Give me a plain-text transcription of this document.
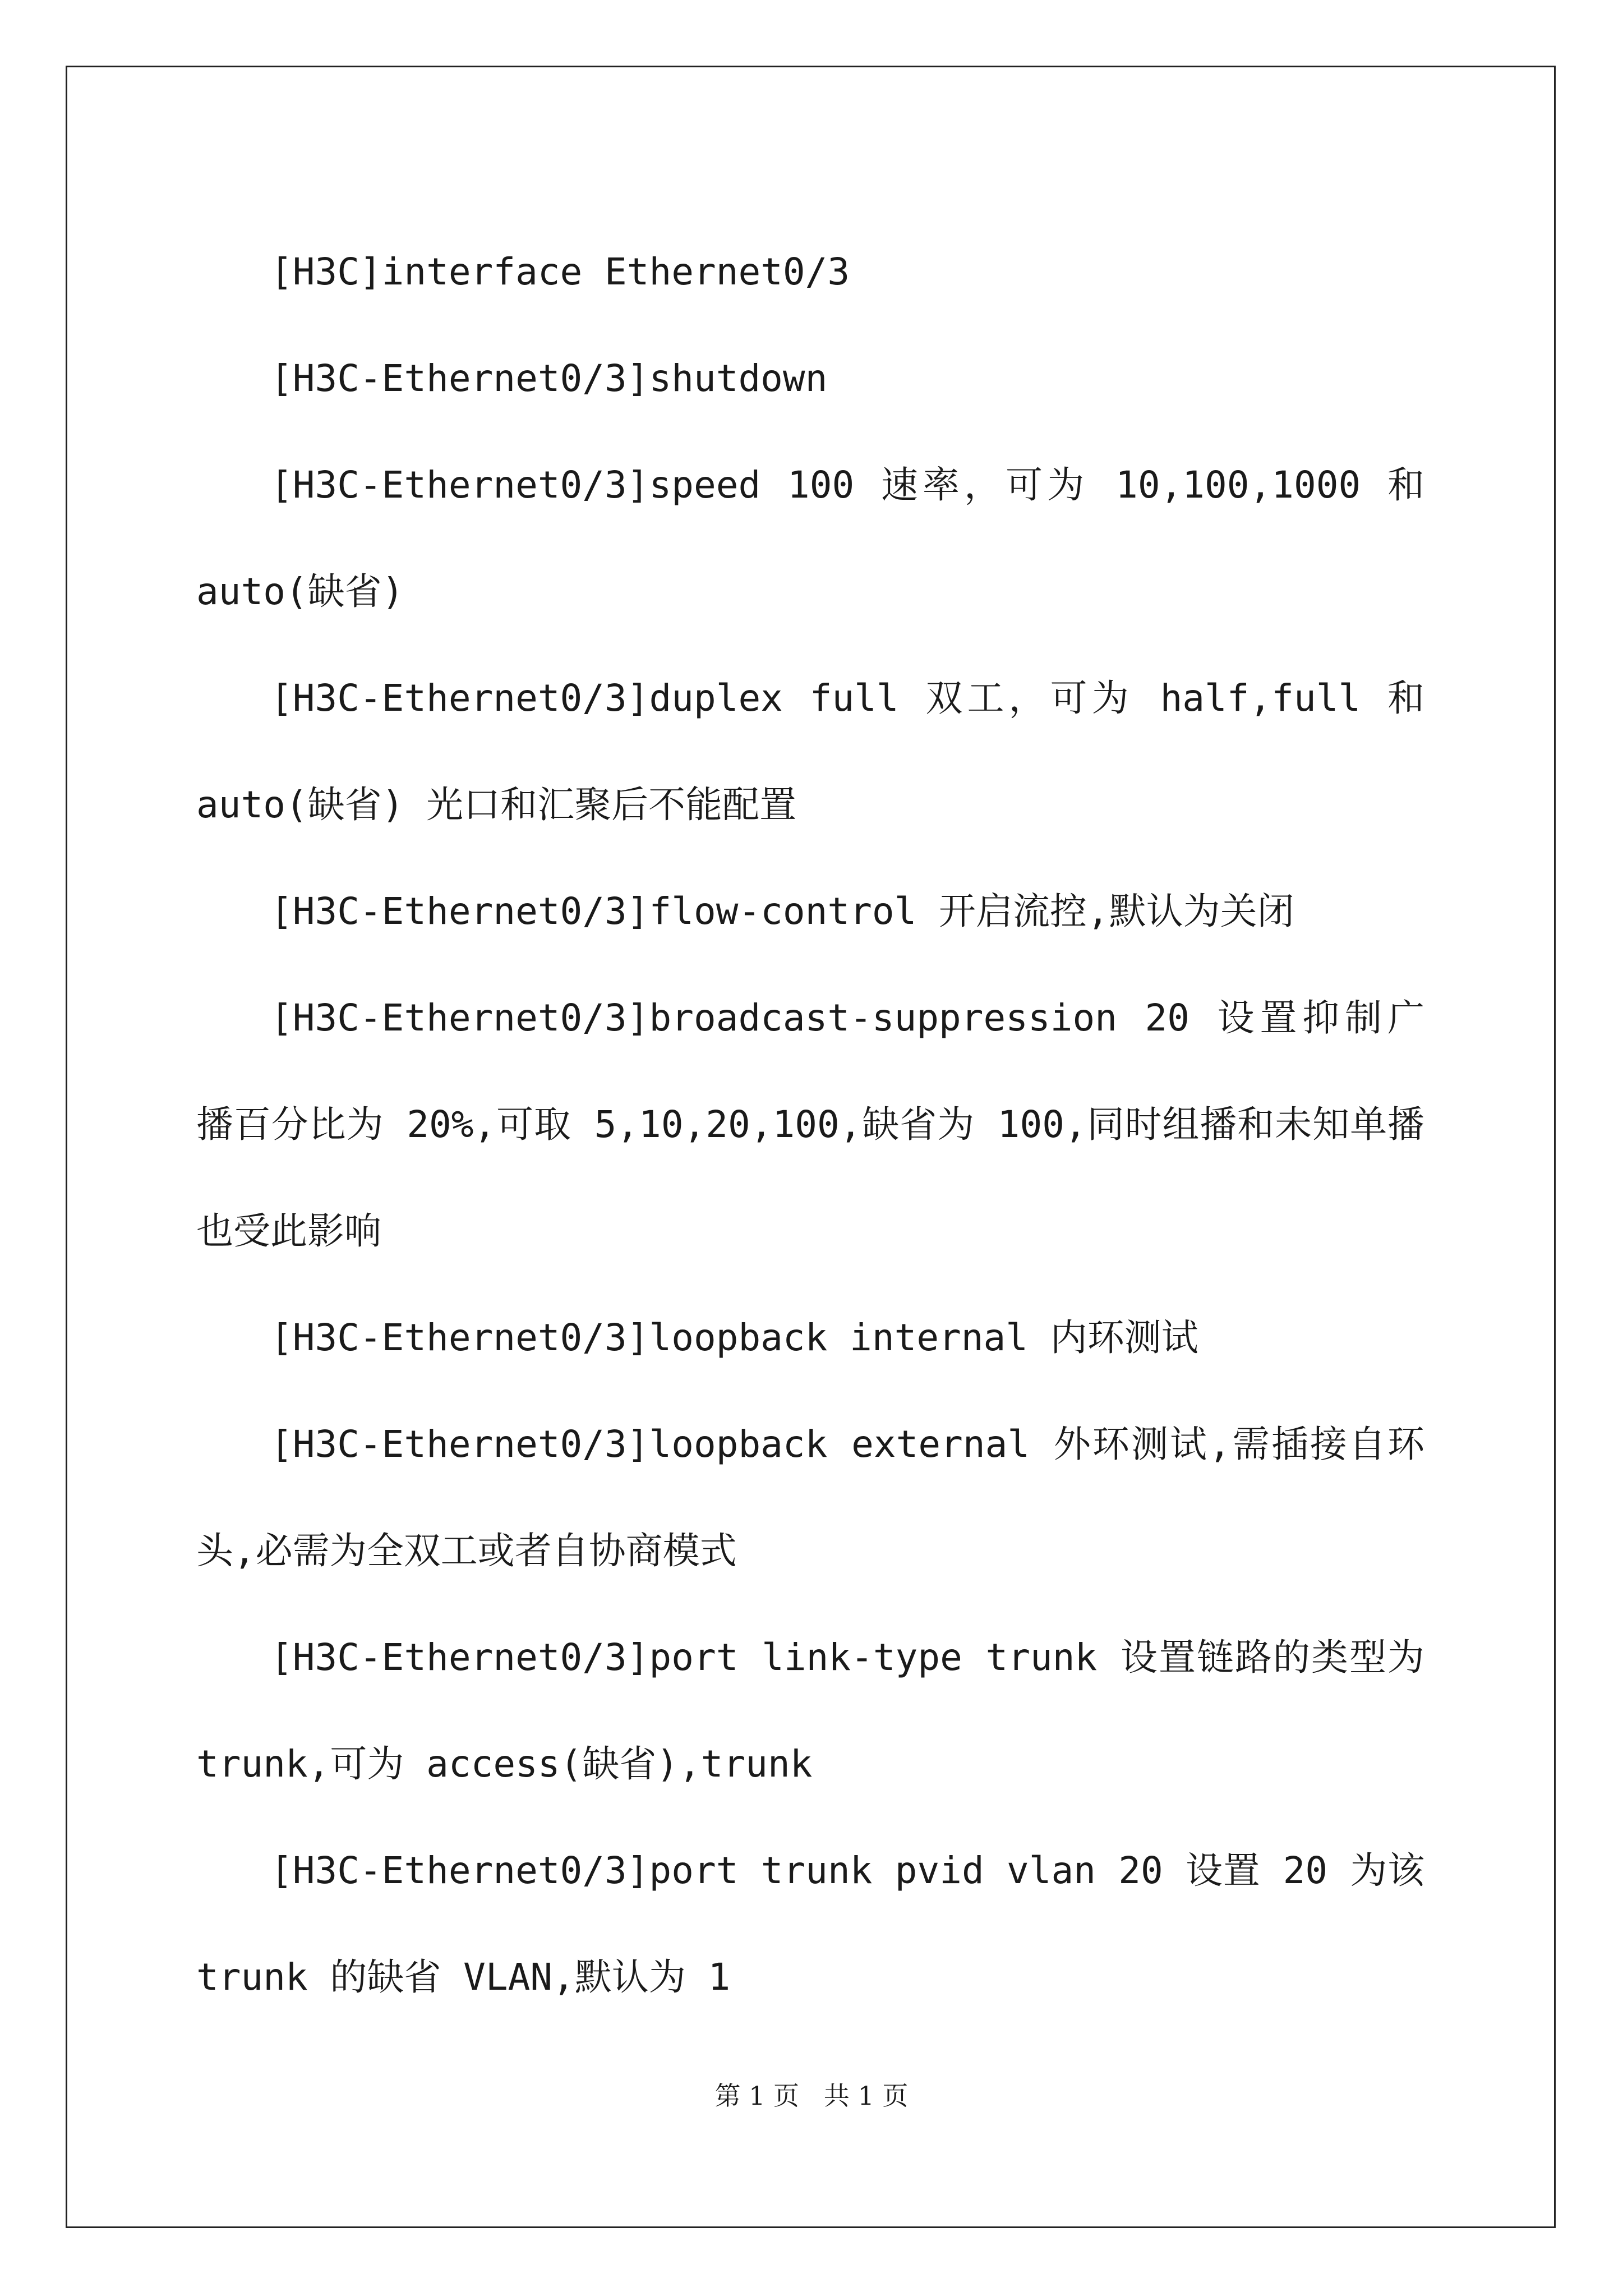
[H3C]interface Ethernet0/3

[H3C-Ethernet0/3]shutdown

[H3C-Ethernet0/3]speed 100 速率，可为 10,100,1000 和 auto(缺省)

[H3C-Ethernet0/3]duplex full 双工，可为 half,full 和 auto(缺省) 光口和汇聚后不能配置

[H3C-Ethernet0/3]flow-control 开启流控,默认为关闭

[H3C-Ethernet0/3]broadcast-suppression 20 设置抑制广播百分比为 20%,可取 5,10,20,100,缺省为 100,同时组播和未知单播也受此影响

[H3C-Ethernet0/3]loopback internal 内环测试

[H3C-Ethernet0/3]loopback external 外环测试,需插接自环头,必需为全双工或者自协商模式

[H3C-Ethernet0/3]port link-type trunk 设置链路的类型为 trunk,可为 access(缺省),trunk

[H3C-Ethernet0/3]port trunk pvid vlan 20 设置 20 为该 trunk 的缺省 VLAN,默认为 1

第 1 页   共 1 页
